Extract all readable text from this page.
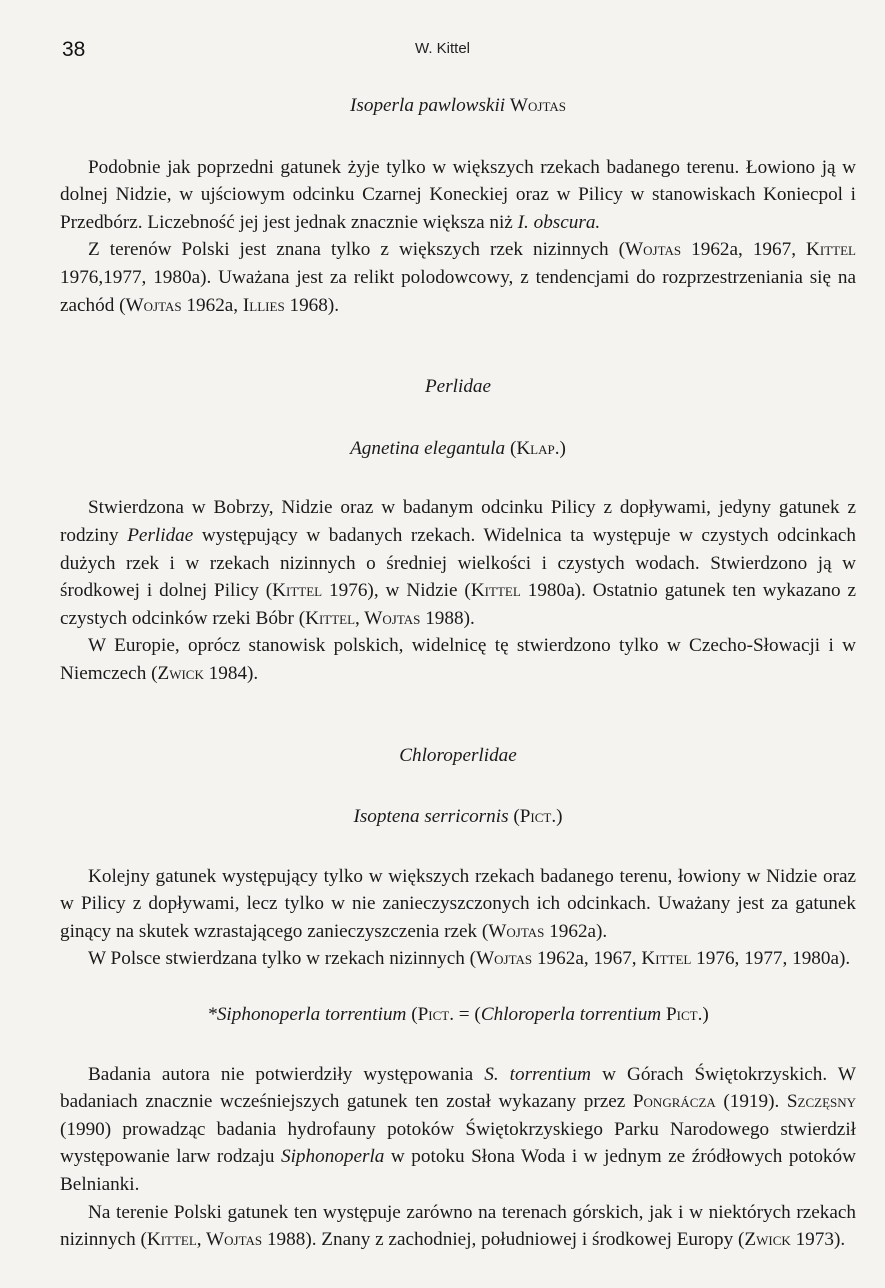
38	W. Kittel
Isoperla pawlowskii Wojtas

Podobnie jak poprzedni gatunek żyje tylko w większych rzekach badanego terenu. Łowiono ją w dolnej Nidzie, w ujściowym odcinku Czarnej Koneckiej oraz w Pilicy w stanowiskach Koniecpol i Przedbórz. Liczebność jej jest jednak znacznie większa niż I. obscura.

Z terenów Polski jest znana tylko z większych rzek nizinnych (Wojtas 1962a, 1967, Kittel 1976,1977, 1980a). Uważana jest za relikt polodowcowy, z tendencjami do rozprzestrzeniania się na zachód (Wojtas 1962a, Illies 1968).

Perlidae
Agnetina elegantula (Klap.)

Stwierdzona w Bobrzy, Nidzie oraz w badanym odcinku Pilicy z dopływami, jedyny gatunek z rodziny Perlidae występujący w badanych rzekach. Widelnica ta występuje w czystych odcinkach dużych rzek i w rzekach nizinnych o średniej wielkości i czystych wodach. Stwierdzono ją w środkowej i dolnej Pilicy (Kittel 1976), w Nidzie (Kittel 1980a). Ostatnio gatunek ten wykazano z czystych odcinków rzeki Bóbr (Kittel, Wojtas 1988).

W Europie, oprócz stanowisk polskich, widelnicę tę stwierdzono tylko w Czecho-Słowacji i w Niemczech (Zwick 1984).

Chloroperlidae
Isoptena serricornis (Pict.)

Kolejny gatunek występujący tylko w większych rzekach badanego terenu, łowiony w Nidzie oraz w Pilicy z dopływami, lecz tylko w nie zanieczyszczonych ich odcinkach. Uważany jest za gatunek ginący na skutek wzrastającego zanieczyszczenia rzek (Wojtas 1962a).

W Polsce stwierdzana tylko w rzekach nizinnych (Wojtas 1962a, 1967, Kittel 1976, 1977, 1980a).

*Siphonoperla torrentium (Pict. = (Chloroperla torrentium Pict.)

Badania autora nie potwierdziły występowania S. torrentium w Górach Świętokrzyskich. W badaniach znacznie wcześniejszych gatunek ten został wykazany przez Pongrácza (1919). Szczęsny (1990) prowadząc badania hydrofauny potoków Świętokrzyskiego Parku Narodowego stwierdził występowanie larw rodzaju Siphonoperla w potoku Słona Woda i w jednym ze źródłowych potoków Belnianki.

Na terenie Polski gatunek ten występuje zarówno na terenach górskich, jak i w niektórych rzekach nizinnych (Kittel, Wojtas 1988). Znany z zachodniej, południowej i środkowej Europy (Zwick 1973).
